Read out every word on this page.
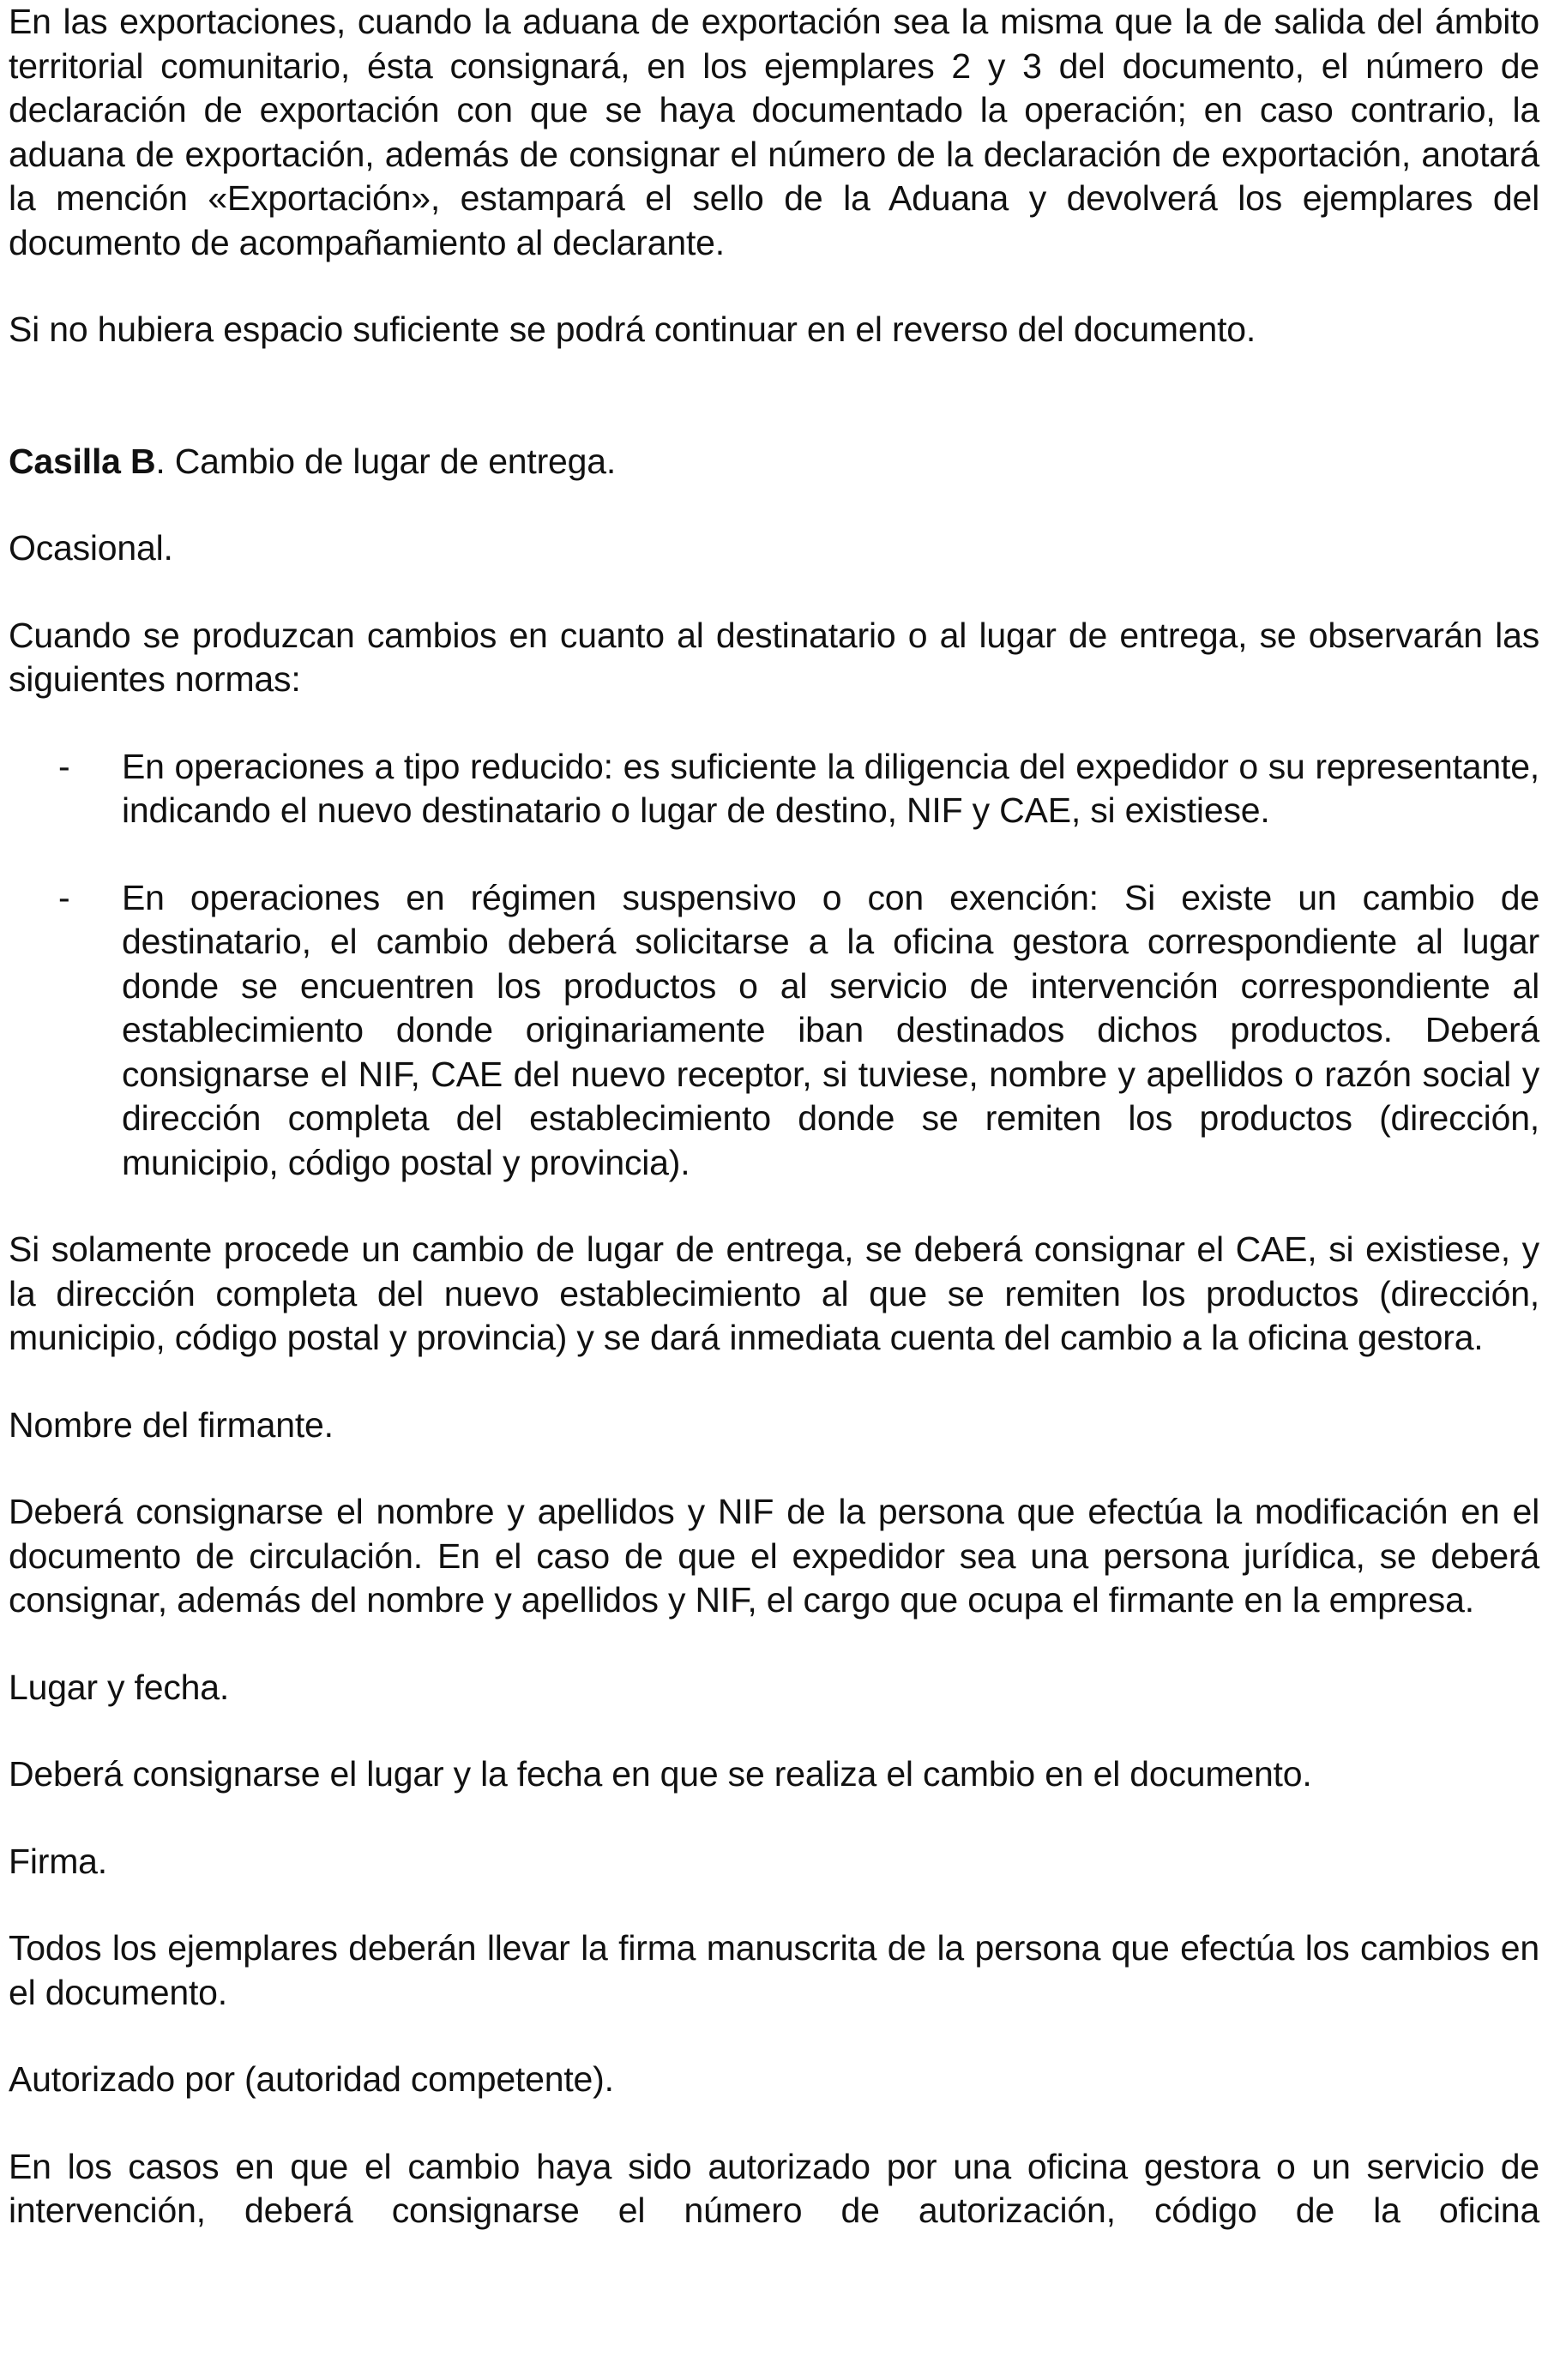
En las exportaciones, cuando la aduana de exportación sea la misma que la de salida del ámbito territorial comunitario, ésta consignará, en los ejemplares 2 y 3 del documento, el número de declaración de exportación con que se haya documentado la operación; en caso contrario, la aduana de exportación, además de consignar el número de la declaración de exportación, anotará la mención «Exportación», estampará el sello de la Aduana y devolverá los ejemplares del documento de acompañamiento al declarante.

Si no hubiera espacio suficiente se podrá continuar en el reverso del documento.

Casilla B. Cambio de lugar de entrega.

Ocasional.

Cuando se produzcan cambios en cuanto al destinatario o al lugar de entrega, se observarán las siguientes normas:

- En operaciones a tipo reducido: es suficiente la diligencia del expedidor o su representante, indicando el nuevo destinatario o lugar de destino, NIF y CAE, si existiese.
- En operaciones en régimen suspensivo o con exención: Si existe un cambio de destinatario, el cambio deberá solicitarse a la oficina gestora correspondiente al lugar donde se encuentren los productos o al servicio de intervención correspondiente al establecimiento donde originariamente iban destinados dichos productos. Deberá consignarse el NIF, CAE del nuevo receptor, si tuviese, nombre y apellidos o razón social y dirección completa del establecimiento donde se remiten los productos (dirección, municipio, código postal y provincia).

Si solamente procede un cambio de lugar de entrega, se deberá consignar el CAE, si existiese, y la dirección completa del nuevo establecimiento al que se remiten los productos (dirección, municipio, código postal y provincia) y se dará inmediata cuenta del cambio a la oficina gestora.

Nombre del firmante.

Deberá consignarse el nombre y apellidos y NIF de la persona que efectúa la modificación en el documento de circulación. En el caso de que el expedidor sea una persona jurídica, se deberá consignar, además del nombre y apellidos y NIF, el cargo que ocupa el firmante en la empresa.

Lugar y fecha.

Deberá consignarse el lugar y la fecha en que se realiza el cambio en el documento.

Firma.

Todos los ejemplares deberán llevar la firma manuscrita de la persona que efectúa los cambios en el documento.

Autorizado por (autoridad competente).

En los casos en que el cambio haya sido autorizado por una oficina gestora o un servicio de intervención, deberá consignarse el número de autorización, código de la oficina
